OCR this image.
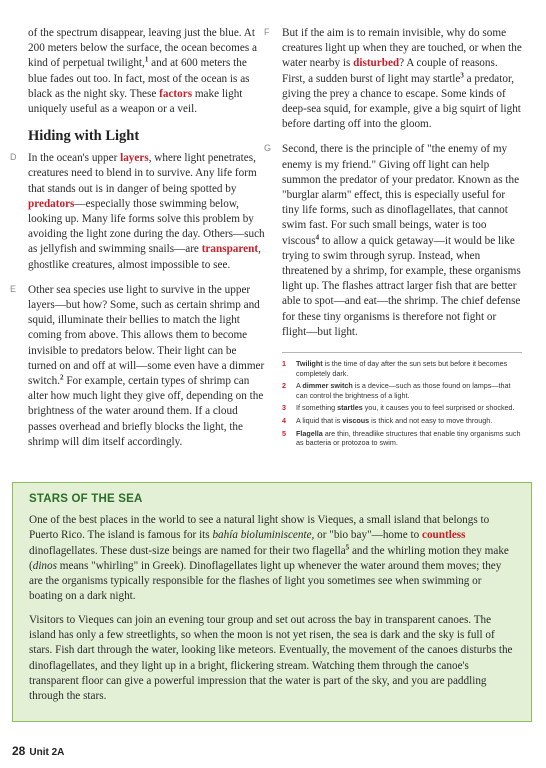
of the spectrum disappear, leaving just the blue. At 200 meters below the surface, the ocean becomes a kind of perpetual twilight,$^1$ and at 600 meters the blue fades out too. In fact, most of the ocean is as black as the night sky. These factors make light uniquely useful as a weapon or a veil.

Hiding with Light
D In the ocean's upper layers, where light penetrates, creatures need to blend in to survive. Any life form that stands out is in danger of being spotted by predators—especially those swimming below, looking up. Many life forms solve this problem by avoiding the light zone during the day. Others—such as jellyfish and swimming snails—are transparent, ghostlike creatures, almost impossible to see.

E Other sea species use light to survive in the upper layers—but how? Some, such as certain shrimp and squid, illuminate their bellies to match the light coming from above. This allows them to become invisible to predators below. Their light can be turned on and off at will—some even have a dimmer switch.$^2$ For example, certain types of shrimp can alter how much light they give off, depending on the brightness of the water around them. If a cloud passes overhead and briefly blocks the light, the shrimp will dim itself accordingly.

F But if the aim is to remain invisible, why do some creatures light up when they are touched, or when the water nearby is disturbed? A couple of reasons. First, a sudden burst of light may startle$^3$ a predator, giving the prey a chance to escape. Some kinds of deep-sea squid, for example, give a big squirt of light before darting off into the gloom.

G Second, there is the principle of "the enemy of my enemy is my friend." Giving off light can help summon the predator of your predator. Known as the "burglar alarm" effect, this is especially useful for tiny life forms, such as dinoflagellates, that cannot swim fast. For such small beings, water is too viscous$^4$ to allow a quick getaway—it would be like trying to swim through syrup. Instead, when threatened by a shrimp, for example, these organisms light up. The flashes attract larger fish that are better able to spot—and eat—the shrimp. The chief defense for these tiny organisms is therefore not fight or flight—but light.

1	Twilight is the time of day after the sun sets but before it becomes completely dark.
2	A dimmer switch is a device—such as those found on lamps—that can control the brightness of a light.
3	If something startles you, it causes you to feel surprised or shocked.
4	A liquid that is viscous is thick and not easy to move through.
5	Flagella are thin, threadlike structures that enable tiny organisms such as bacteria or protozoa to swim.
STARS OF THE SEA

One of the best places in the world to see a natural light show is Vieques, a small island that belongs to Puerto Rico. The island is famous for its bahía bioluminiscente, or "bio bay"—home to countless dinoflagellates. These dust-size beings are named for their two flagella$^5$ and the whirling motion they make (dinos means "whirling" in Greek). Dinoflagellates light up whenever the water around them moves; they are the organisms typically responsible for the flashes of light you sometimes see when swimming or boating on a dark night.

Visitors to Vieques can join an evening tour group and set out across the bay in transparent canoes. The island has only a few streetlights, so when the moon is not yet risen, the sea is dark and the sky is full of stars. Fish dart through the water, looking like meteors. Eventually, the movement of the canoes disturbs the dinoflagellates, and they light up in a bright, flickering stream. Watching them through the canoe's transparent floor can give a powerful impression that the water is part of the sky, and you are paddling through the stars.

28 Unit 2A
